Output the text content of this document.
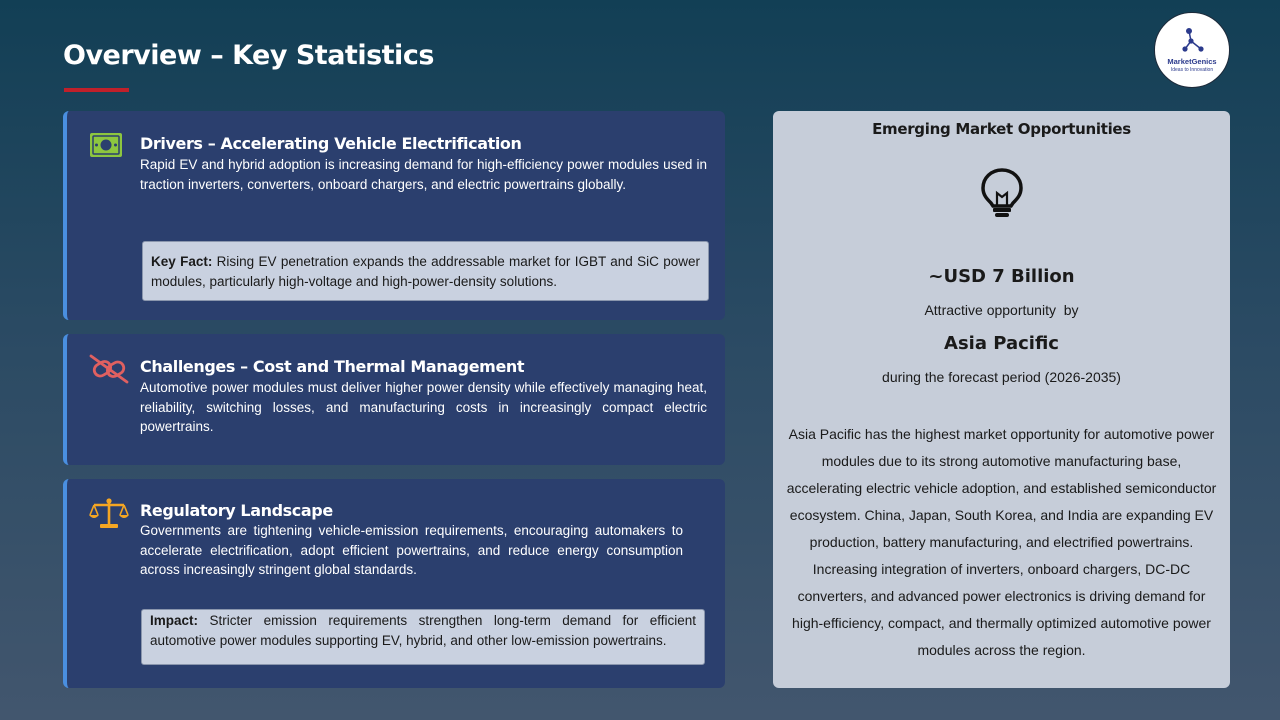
Overview – Key Statistics	MarketGenics
Ideas to Innovation
Drivers – Accelerating Vehicle Electrification

Rapid EV and hybrid adoption is increasing demand for high-efficiency power modules used in traction inverters, converters, onboard chargers, and electric powertrains globally.

Key Fact: Rising EV penetration expands the addressable market for IGBT and SiC power modules, particularly high-voltage and high-power-density solutions.
Challenges – Cost and Thermal Management

Automotive power modules must deliver higher power density while effectively managing heat, reliability, switching losses, and manufacturing costs in increasingly compact electric powertrains.

Regulatory Landscape

Governments are tightening vehicle-emission requirements, encouraging automakers to accelerate electrification, adopt efficient powertrains, and reduce energy consumption across increasingly stringent global standards.

Impact: Stricter emission requirements strengthen long-term demand for efficient automotive power modules supporting EV, hybrid, and other low-emission powertrains.
Emerging Market Opportunities
~USD 7 Billion
Attractive opportunity  by
Asia Pacific
during the forecast period (2026-2035)

Asia Pacific has the highest market opportunity for automotive power modules due to its strong automotive manufacturing base, accelerating electric vehicle adoption, and established semiconductor ecosystem. China, Japan, South Korea, and India are expanding EV production, battery manufacturing, and electrified powertrains. Increasing integration of inverters, onboard chargers, DC-DC converters, and advanced power electronics is driving demand for high-efficiency, compact, and thermally optimized automotive power modules across the region.
